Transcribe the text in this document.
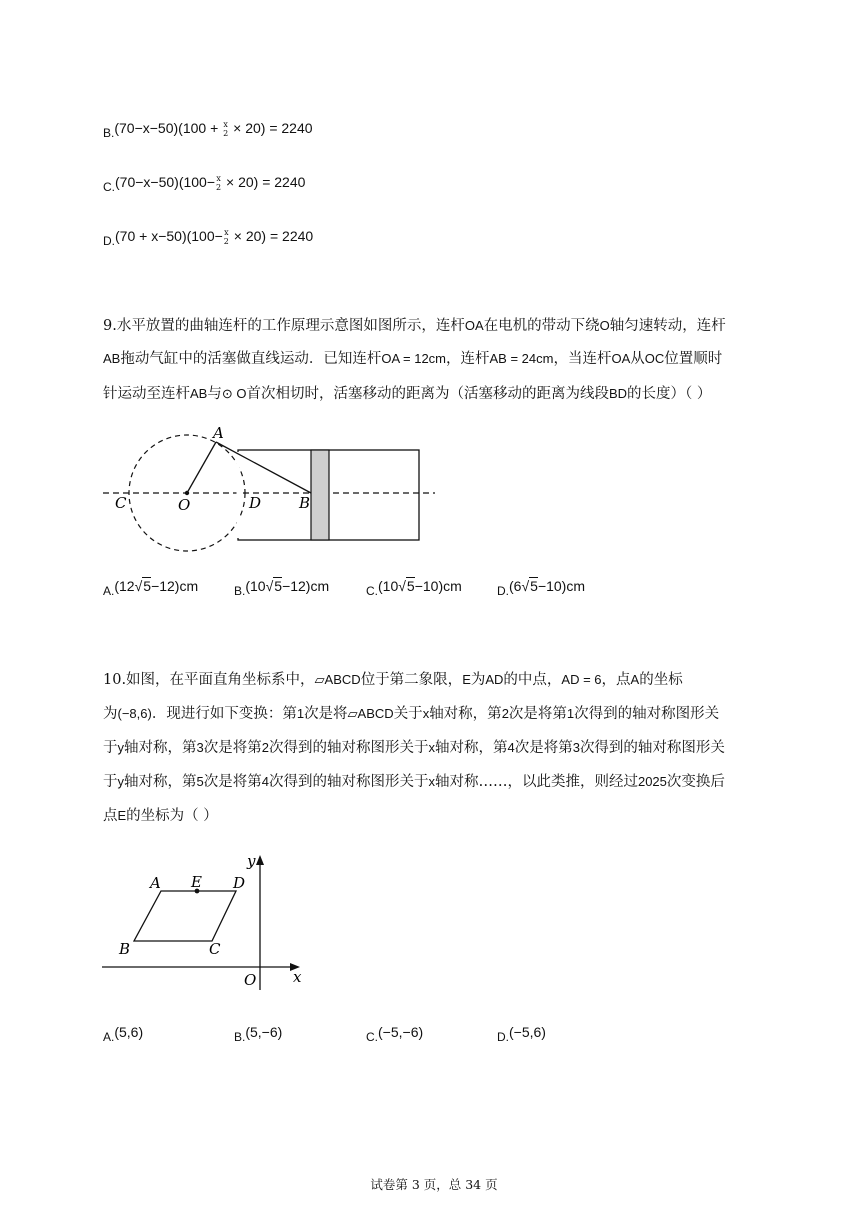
$_{B.}$(70−x−50)(100 + x
2 × 20) = 2240
$_{C.}$(70−x−50)(100− x
2 × 20) = 2240
$_{D.}$(70 + x−50)(100− x
2 × 20) = 2240
9.水平放置的曲轴连杆的工作原理示意图如图所示，连杆OA在电机的带动下绕O轴匀速转动，连杆
AB拖动气缸中的活塞做直线运动．已知连杆OA = 12cm，连杆AB = 24cm，当连杆OA从OC位置顺时
针运动至连杆AB与⊙ O首次相切时，活塞移动的距离为（活塞移动的距离为线段BD的长度）（ ）
A
O
C	D	B
$_{A.}$(12√5−12)cm	$_{B.}$(10√5−12)cm	$_{C.}$(10√5−10)cm	$_{D.}$(6√5−10)cm
10.如图，在平面直角坐标系中，▱ABCD位于第二象限，E为AD的中点，AD = 6，点A的坐标
为(−8,6)．现进行如下变换：第1次是将▱ABCD关于x轴对称，第2次是将第1次得到的轴对称图形关
于y轴对称，第3次是将第2次得到的轴对称图形关于x轴对称，第4次是将第3次得到的轴对称图形关
于y轴对称，第5次是将第4次得到的轴对称图形关于x轴对称……，以此类推，则经过2025次变换后
点E的坐标为（ ）
A E D
B	C
O x
y
$_{A.}$(5,6)	$_{B.}$(5,−6)	$_{C.}$(−5,−6)	$_{D.}$(−5,6)
试卷第 3 页，总 34 页
